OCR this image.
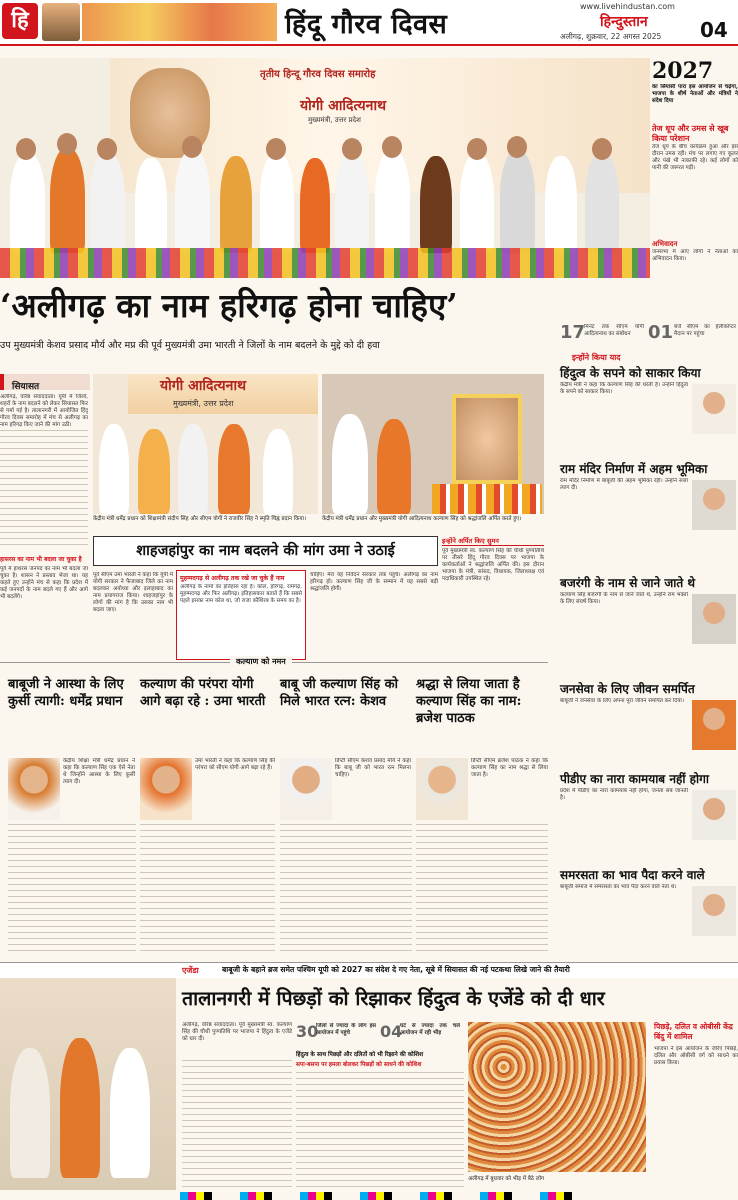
हि	हिंदू गौरव दिवस
www.livehindustan.com
हिन्दुस्तान
अलीगढ़, शुक्रवार, 22 अगस्त 2025 04
तृतीय हिन्दू गौरव दिवस समारोह
योगी आदित्यनाथ
मुख्यमंत्री, उत्तर प्रदेश
‘अलीगढ़ का नाम हरिगढ़ होना चाहिए’
उप मुख्यमंत्री केशव प्रसाद मौर्य और मप्र की पूर्व मुख्यमंत्री उमा भारती ने जिलों के नाम बदलने के मुद्दे को दी हवा
सियासत
अलीगढ़, वरिष्ठ संवाददाता। यूपी में जिलों, शहरों के नाम बदलने को लेकर सियासत फिर से गर्मा गई है। तालानगरी में आयोजित हिंदू गौरव दिवस समारोह में मंच से अलीगढ़ का नाम हरिगढ़ किए जाने की मांग उठी।
हासरस का नाम भी बदला जा चुका है
पूर्व में हाथरस जनपद का नाम भी बदला जा चुका है। शासन ने प्रस्ताव भेजा था। यह कहते हुए उन्होंने मंच से कहा कि प्रदेश में कई जनपदों के नाम बदले गए हैं और आगे भी बदलेंगे।
योगी आदित्यनाथ
मुख्यमंत्री, उत्तर प्रदेश
केंद्रीय मंत्री धर्मेंद्र प्रधान को शिक्षामंत्री संदीप सिंह और सीएम योगी ने राजवीर सिंह ने स्मृति चिह्न प्रदान किया।	केंद्रीय मंत्री धर्मेंद्र प्रधान और मुख्यमंत्री योगी आदित्यनाथ कल्याण सिंह को श्रद्धांजलि अर्पित करते हुए।
शाहजहांपुर का नाम बदलने की मांग उमा ने उठाई
पूर्व सीएम उमा भारती ने कहा कि यूपी में योगी सरकार ने फैजाबाद जिले का नाम बदलकर अयोध्या और इलाहाबाद का नाम प्रयागराज किया। शाहजहांपुर के लोगों की मांग है कि उसका नाम भी बदला जाए।
मुहम्मदगढ़ से अलीगढ़ तक रखे जा चुके हैं नाम
अलीगढ़ के नामों का इतिहास रहा है। कोल, हरिगढ़, रामगढ़, मुहम्मदगढ़ और फिर अलीगढ़। इतिहासकार बताते हैं कि सबसे पहले इसका नाम कोल था, जो राजा कौशिरब के समय का है।
चाहिए। मेरा यह निवेदन सरकार तक पहुंचे। अलीगढ़ का नाम हरिगढ़ हो। कल्याण सिंह जी के सम्मान में यह सबसे बड़ी श्रद्धांजलि होगी।
इन्होंने अर्पित किए सुमन
पूर्व मुख्यमंत्री स्व. कल्याण सिंह की चौथी पुण्यतिथि पर तीसरे हिंदू गौरव दिवस पर भाजपा के कार्यकर्ताओं ने श्रद्धांजलि अर्पित की। इस दौरान भाजपा के मंत्री, सांसद, विधायक, जिलाध्यक्ष एवं पदाधिकारी उपस्थित रहे।
कल्याण को नमन
बाबूजी ने आस्था के लिए कुर्सी त्यागी: धर्मेंद्र प्रधान
कल्याण की परंपरा योगी आगे बढ़ा रहे : उमा भारती
बाबू जी कल्याण सिंह को मिले भारत रत्न: केशव
श्रद्धा से लिया जाता है कल्याण सिंह का नाम: ब्रजेश पाठक
केंद्रीय शिक्षा मंत्री धर्मेंद्र प्रधान ने कहा कि कल्याण सिंह एक ऐसे नेता थे जिन्होंने आस्था के लिए कुर्सी त्याग दी।
उमा भारती ने कहा कि कल्याण सिंह की परंपरा को सीएम योगी आगे बढ़ा रहे हैं।
डिप्टी सीएम केशव प्रसाद मौर्य ने कहा कि बाबू जी को भारत रत्न मिलना चाहिए।
डिप्टी सीएम ब्रजेश पाठक ने कहा कि कल्याण सिंह का नाम श्रद्धा से लिया जाता है।
2027
का सियासी पारा इस आयोजन से चढ़ेगा, भाजपा के शीर्ष नेताओं और मंत्रियों ने संदेश दिया
तेज धूप और उमस से खूब किया परेशान
तेज धूप के बीच कार्यक्रम हुआ और इस दौरान उमस रही। मंच पर लगाए गए कूलर और पंखे भी नाकाफी रहे। कई लोगों को पानी की जरूरत पड़ी।
अभिवादन
जनसभा में आए लोगों ने नेताओं का अभिवादन किया।
17
मिनट तक सीएम योगी आदित्यनाथ का संबोधन 01 बजे सीएम का हेलीकॉप्टर मैदान पर पहुंचा
इन्होंने किया याद
हिंदुत्व के सपने को साकार किया
केंद्रीय मंत्री ने कहा कि कल्याण सिंह की धरती है। उन्होंने हिंदुत्व के सपने को साकार किया।
राम मंदिर निर्माण में अहम भूमिका
राम मंदिर निर्माण में बाबूजी की अहम भूमिका रही। उन्होंने सत्ता त्याग दी।
बजरंगी के नाम से जाने जाते थे
कल्याण सिंह बजरंगी के नाम से जाने जाते थे, उन्होंने राम भक्तों के लिए संघर्ष किया।
जनसेवा के लिए जीवन समर्पित
बाबूजी ने जनसेवा के लिए अपना पूरा जीवन समर्पित कर दिया।
पीडीए का नारा कामयाब नहीं होगा
प्रदेश में पीडीए का नारा कामयाब नहीं होगा, जनता सब जानती है।
समरसता का भाव पैदा करने वाले
बाबूजी समाज में समरसता का भाव पैदा करने वाले नेता थे।
एजेंडा	बाबूजी के बहाने ब्रज समेत पश्चिम यूपी को 2027 का संदेश दे गए नेता, सूबे में सियासत की नई पटकथा लिखे जाने की तैयारी
तालानगरी में पिछड़ों को रिझाकर हिंदुत्व के एजेंडे को दी धार
अलीगढ़, वरिष्ठ संवाददाता। पूर्व मुख्यमंत्री स्व. कल्याण सिंह की चौथी पुण्यतिथि पर भाजपा ने हिंदुत्व के एजेंडे को धार दी।	30
जिलों से ज्यादा के लोग इस आयोजन में पहुंचे	04
घंटे से ज्यादा तक चले आयोजन में रही भीड़
हिंदुत्व के साथ पिछड़ों और दलितों को भी रिझाने की कोशिश
सपा-बसपा पर हमला बोलकर पिछड़ों को साधने की कोशिश
अलीगढ़ में बुधवार को भीड़ में बैठे लोग
पिछड़े, दलित व ओबीसी केंद्र बिंदु में शामिल
भाजपा ने इस आयोजन के जरिए पिछड़े, दलित और ओबीसी वर्ग को साधने का प्रयास किया।
